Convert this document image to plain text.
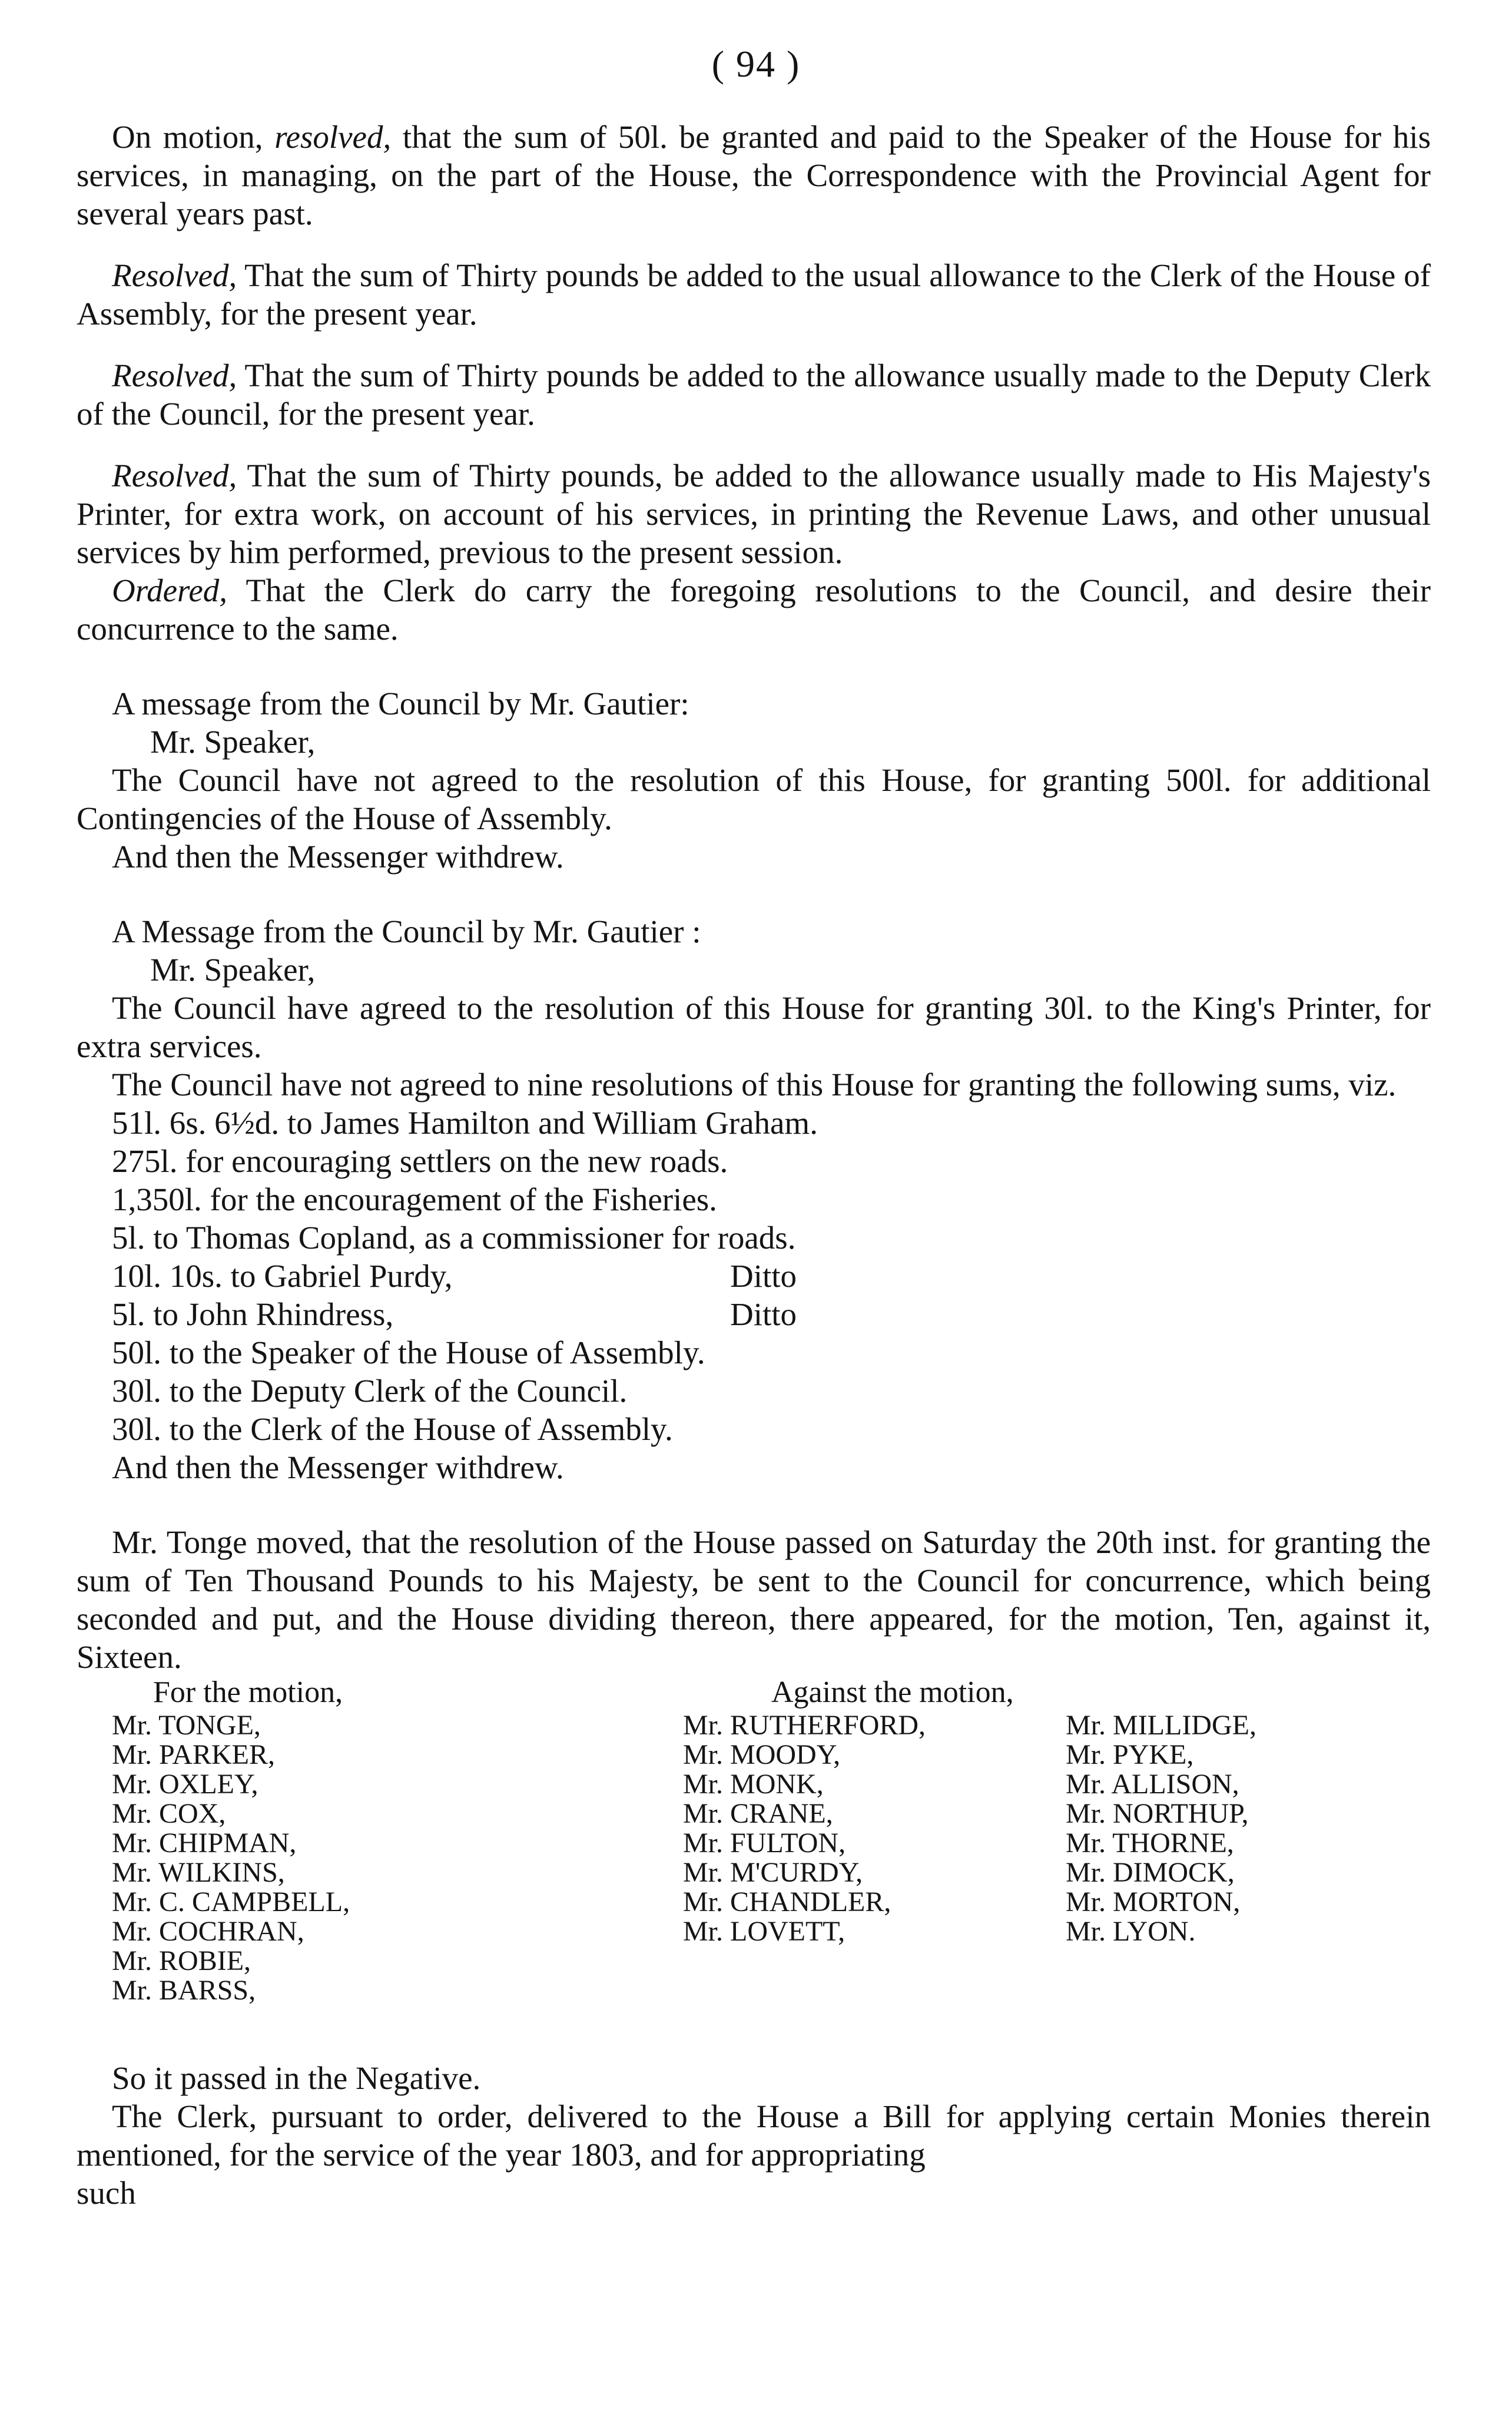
( 94 )

On motion, resolved, that the sum of 50l. be granted and paid to the Speaker of the House for his services, in managing, on the part of the House, the Correspondence with the Provincial Agent for several years past.

Resolved, That the sum of Thirty pounds be added to the usual allowance to the Clerk of the House of Assembly, for the present year.

Resolved, That the sum of Thirty pounds be added to the allowance usually made to the Deputy Clerk of the Council, for the present year.

Resolved, That the sum of Thirty pounds, be added to the allowance usually made to His Majesty's Printer, for extra work, on account of his services, in printing the Revenue Laws, and other unusual services by him performed, previous to the present session.

Ordered, That the Clerk do carry the foregoing resolutions to the Council, and desire their concurrence to the same.

A message from the Council by Mr. Gautier:

Mr. Speaker,

The Council have not agreed to the resolution of this House, for granting 500l. for additional Contingencies of the House of Assembly.

And then the Messenger withdrew.

A Message from the Council by Mr. Gautier :

Mr. Speaker,

The Council have agreed to the resolution of this House for granting 30l. to the King's Printer, for extra services.

The Council have not agreed to nine resolutions of this House for granting the following sums, viz.

51l. 6s. 6½d. to James Hamilton and William Graham.
275l. for encouraging settlers on the new roads.
1,350l. for the encouragement of the Fisheries.
5l. to Thomas Copland, as a commissioner for roads.
10l. 10s. to Gabriel Purdy,	Ditto
5l. to John Rhindress,	Ditto
50l. to the Speaker of the House of Assembly.
30l. to the Deputy Clerk of the Council.
30l. to the Clerk of the House of Assembly.

And then the Messenger withdrew.

Mr. Tonge moved, that the resolution of the House passed on Saturday the 20th inst. for granting the sum of Ten Thousand Pounds to his Majesty, be sent to the Council for concurrence, which being seconded and put, and the House dividing thereon, there appeared, for the motion, Ten, against it, Sixteen.

For the motion,
Mr. TONGE,
Mr. PARKER,
Mr. OXLEY,
Mr. COX,
Mr. CHIPMAN,
Mr. WILKINS,
Mr. C. CAMPBELL,
Mr. COCHRAN,
Mr. ROBIE,
Mr. BARSS,
Against the motion,
Mr. RUTHERFORD,
Mr. MOODY,
Mr. MONK,
Mr. CRANE,
Mr. FULTON,
Mr. M'CURDY,
Mr. CHANDLER,
Mr. LOVETT,
Mr. MILLIDGE,
Mr. PYKE,
Mr. ALLISON,
Mr. NORTHUP,
Mr. THORNE,
Mr. DIMOCK,
Mr. MORTON,
Mr. LYON.

So it passed in the Negative.

The Clerk, pursuant to order, delivered to the House a Bill for applying certain Monies therein mentioned, for the service of the year 1803, and for appropriating

such
